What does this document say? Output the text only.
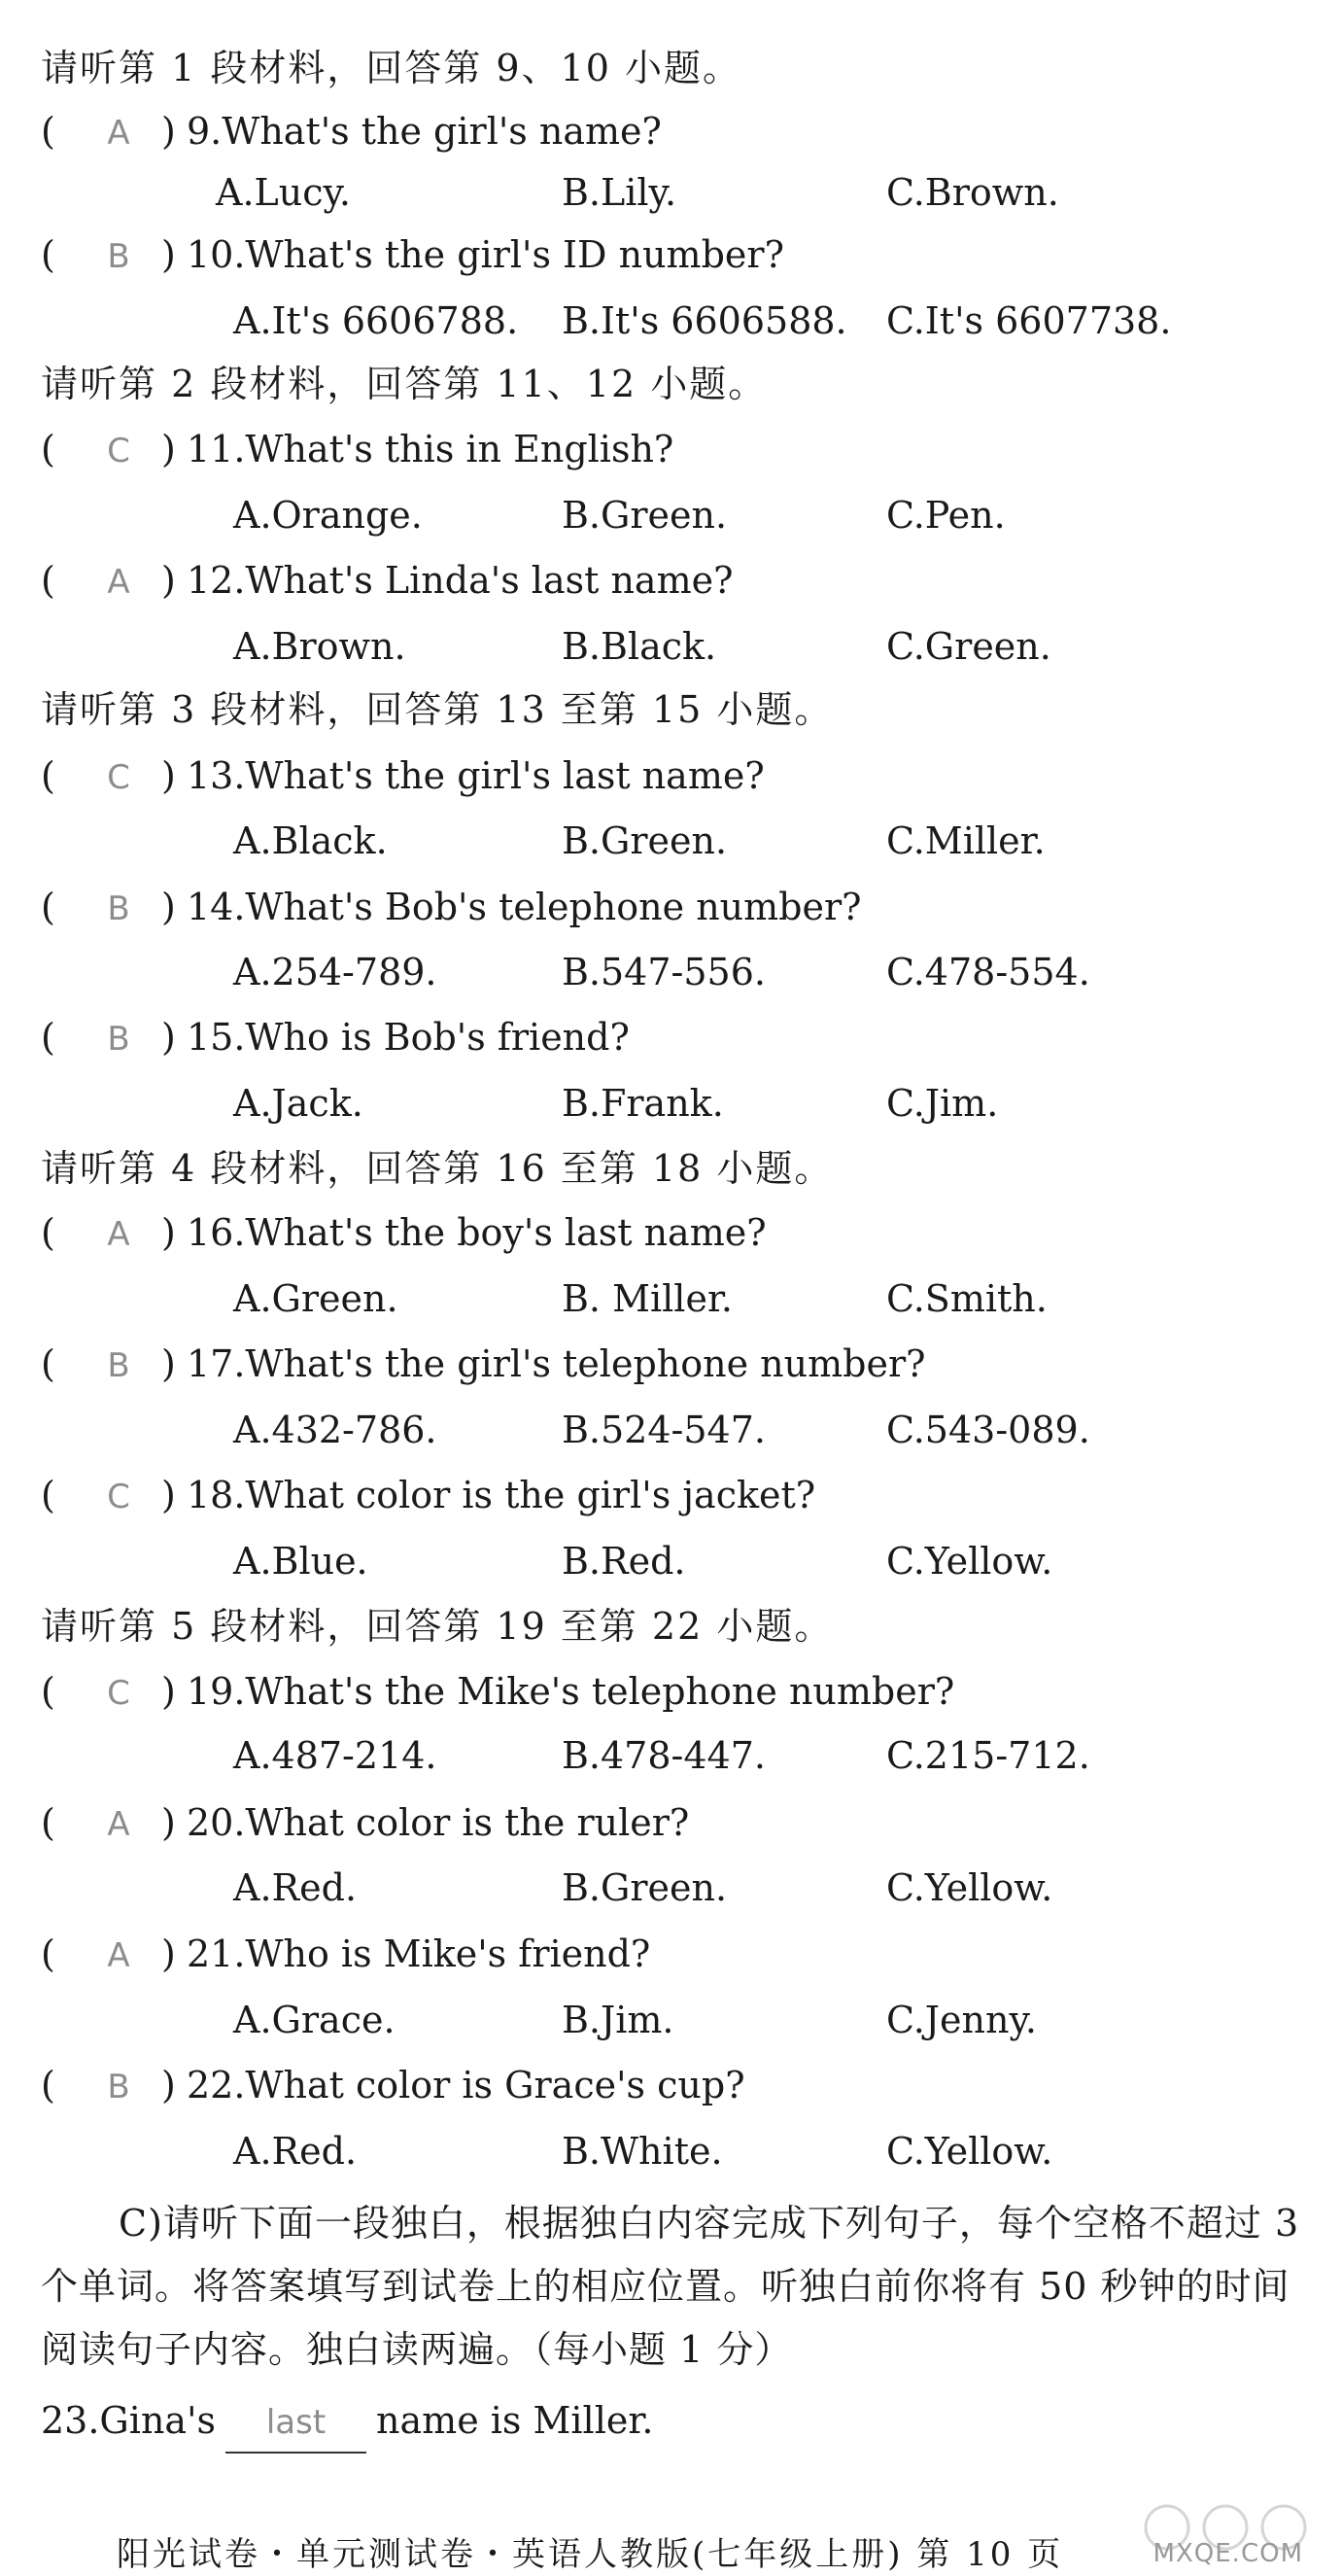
请听第 1 段材料，回答第 9、10 小题。
( A ) 9.What's the girl's name?
A.Lucy.	B.Lily.	C.Brown.
( B ) 10.What's the girl's ID number?
A.It's 6606788. B.It's 6606588. C.It's 6607738.
请听第 2 段材料，回答第 11、12 小题。
( C ) 11.What's this in English?
A.Orange.	B.Green.	C.Pen.
( A ) 12.What's Linda's last name?
A.Brown.	B.Black.	C.Green.
请听第 3 段材料，回答第 13 至第 15 小题。
( C ) 13.What's the girl's last name?
A.Black.	B.Green.	C.Miller.
( B ) 14.What's Bob's telephone number?
A.254-789.	B.547-556.	C.478-554.
( B ) 15.Who is Bob's friend?
A.Jack.	B.Frank.	C.Jim.
请听第 4 段材料，回答第 16 至第 18 小题。
( A ) 16.What's the boy's last name?
A.Green.	B. Miller.	C.Smith.
( B ) 17.What's the girl's telephone number?
A.432-786.	B.524-547.	C.543-089.
( C ) 18.What color is the girl's jacket?
A.Blue.	B.Red.	C.Yellow.
请听第 5 段材料，回答第 19 至第 22 小题。
( C ) 19.What's the Mike's telephone number?
A.487-214.	B.478-447.	C.215-712.
( A ) 20.What color is the ruler?
A.Red.	B.Green.	C.Yellow.
( A ) 21.Who is Mike's friend?
A.Grace.	B.Jim.	C.Jenny.
( B ) 22.What color is Grace's cup?
A.Red.	B.White.	C.Yellow.
C)请听下面一段独白，根据独白内容完成下列句子，每个空格不超过 3 个单词。将答案填写到试卷上的相应位置。听独白前你将有 50 秒钟的时间阅读句子内容。独白读两遍。（每小题 1 分）
23.Gina's last name is Miller.
阳光试卷・单元测试卷・英语人教版(七年级上册) 第 10 页	MXQE.COM
